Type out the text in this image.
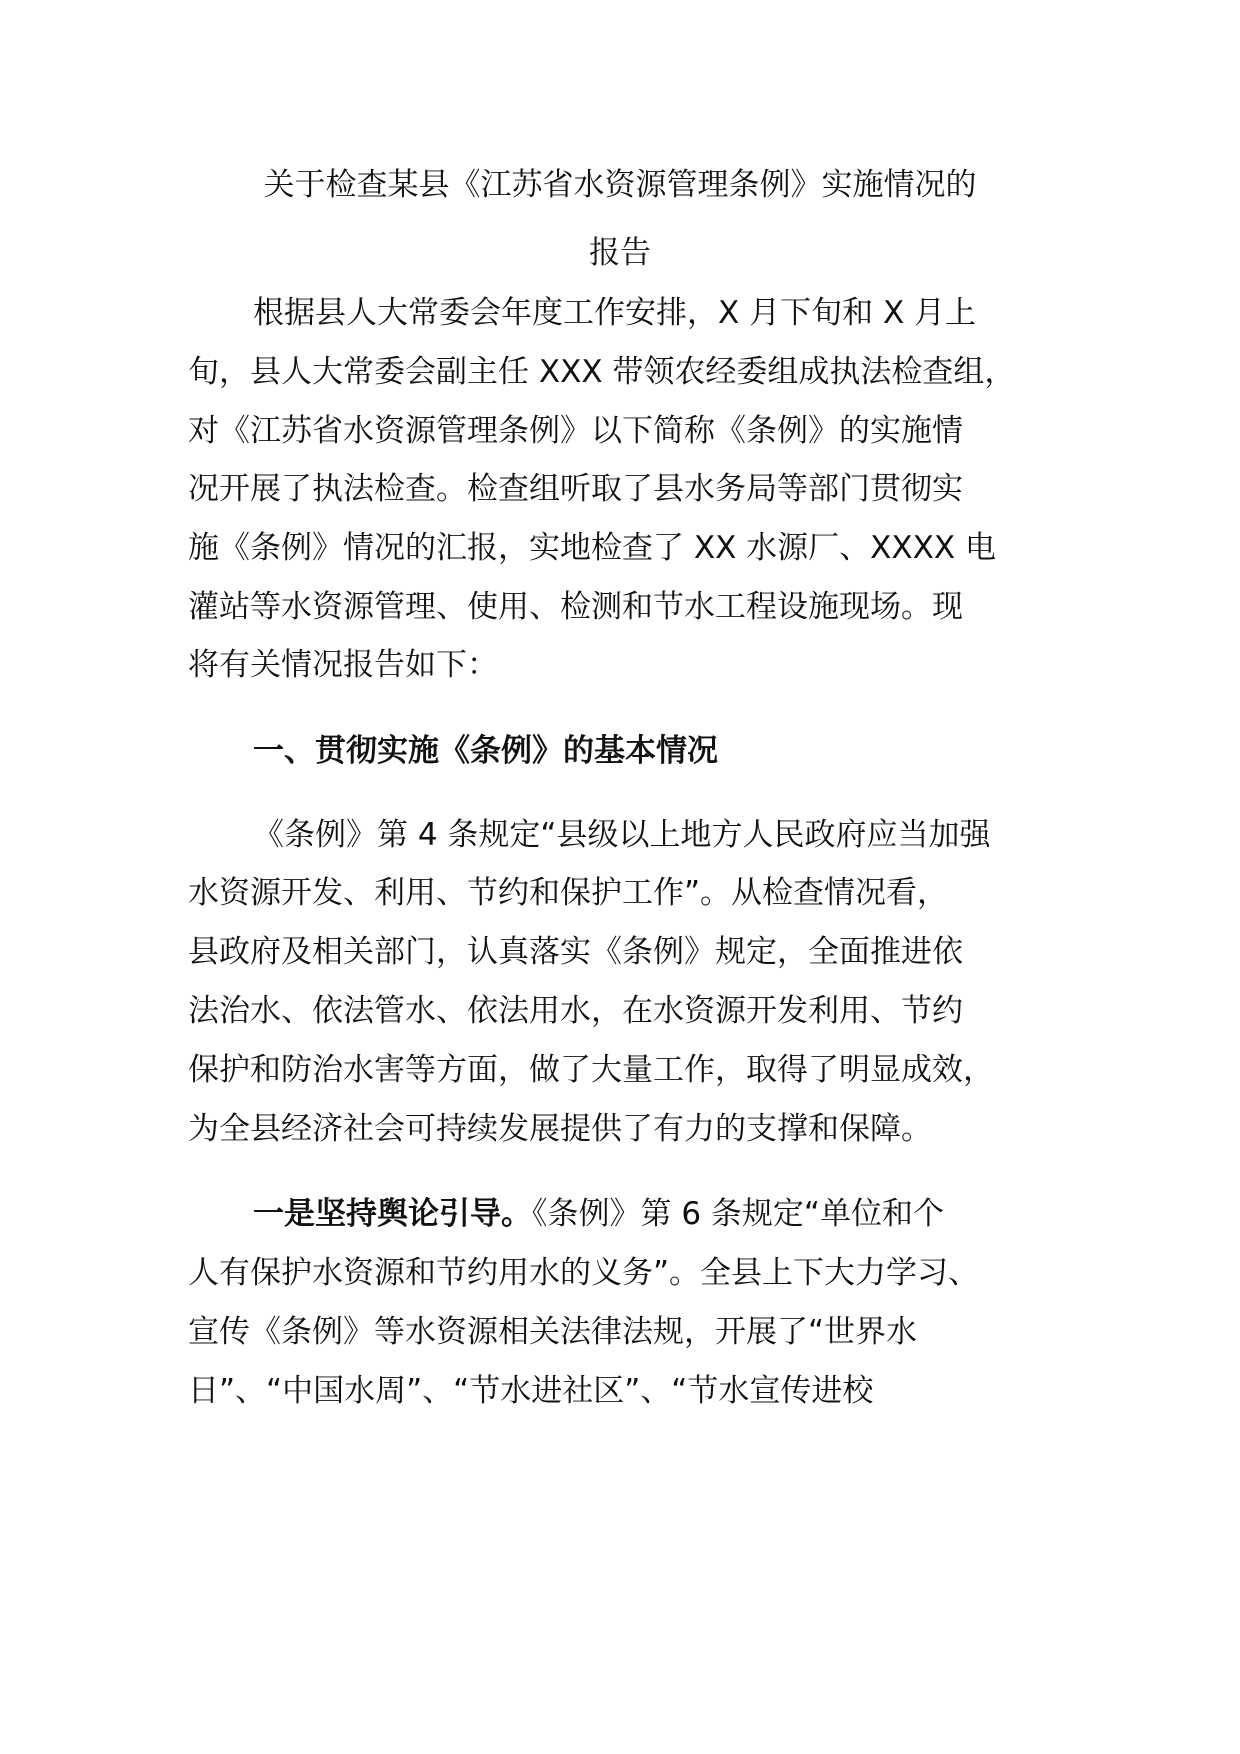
关于检查某县《江苏省水资源管理条例》实施情况的
报告
根据县人大常委会年度工作安排，X 月下旬和 X 月上
旬，县人大常委会副主任 XXX 带领农经委组成执法检查组，
对《江苏省水资源管理条例》以下简称《条例》的实施情
况开展了执法检查。检查组听取了县水务局等部门贯彻实
施《条例》情况的汇报，实地检查了 XX 水源厂、XXXX 电
灌站等水资源管理、使用、检测和节水工程设施现场。现
将有关情况报告如下：
一、贯彻实施《条例》的基本情况
《条例》第 4 条规定“县级以上地方人民政府应当加强
水资源开发、利用、节约和保护工作”。从检查情况看，
县政府及相关部门，认真落实《条例》规定，全面推进依
法治水、依法管水、依法用水，在水资源开发利用、节约
保护和防治水害等方面，做了大量工作，取得了明显成效，
为全县经济社会可持续发展提供了有力的支撑和保障。
一是坚持舆论引导。《条例》第 6 条规定“单位和个
人有保护水资源和节约用水的义务”。全县上下大力学习、
宣传《条例》等水资源相关法律法规，开展了“世界水
日”、“中国水周”、“节水进社区”、“节水宣传进校
